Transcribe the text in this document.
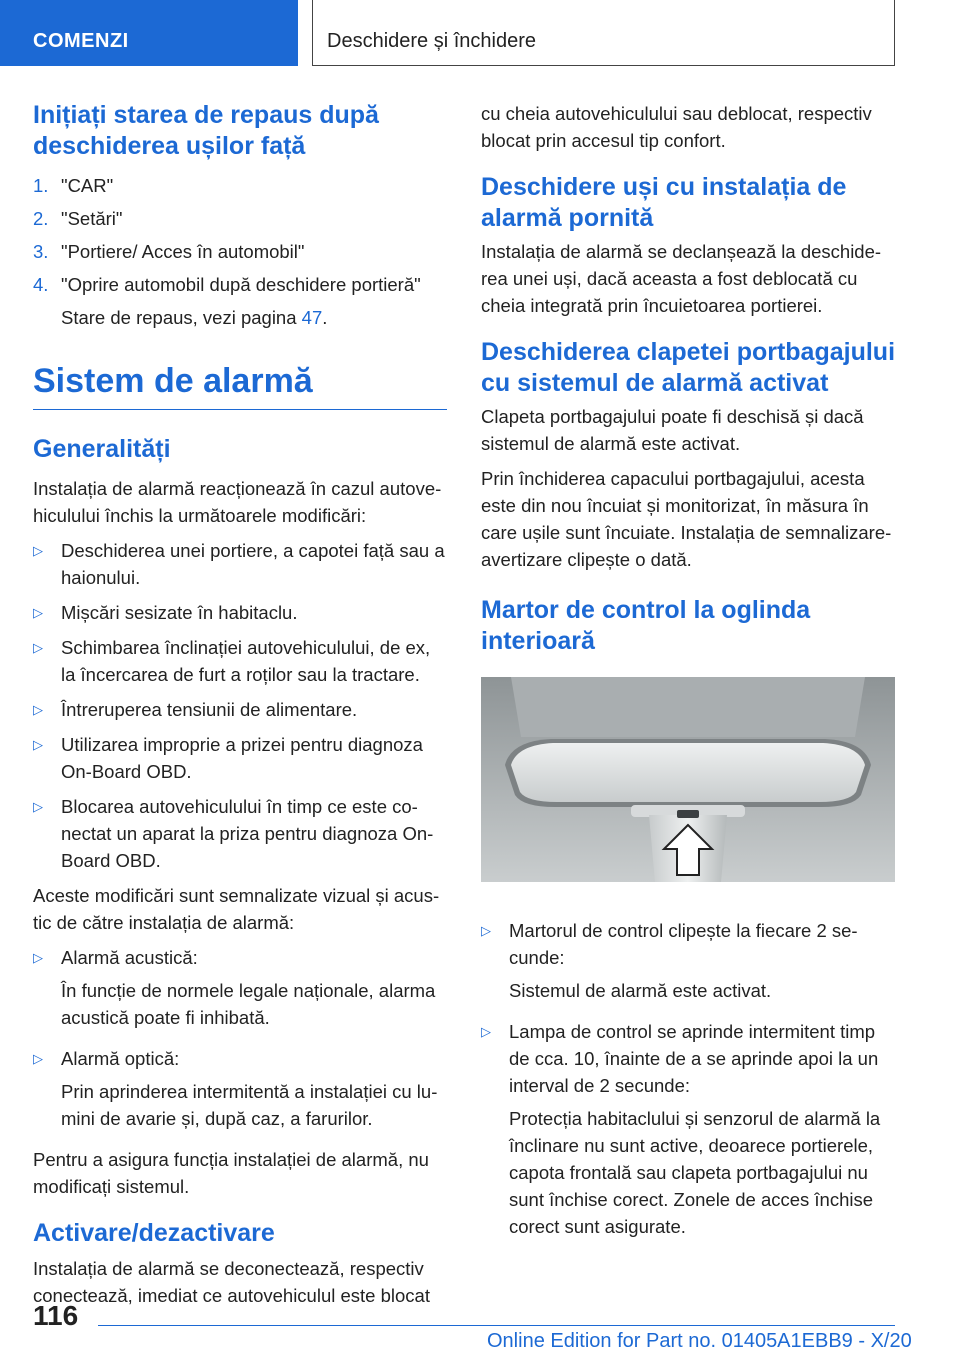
COMENZI	Deschidere și închidere
Inițiați starea de repaus după deschiderea ușilor față
1. "CAR"
2. "Setări"
3. "Portiere/ Acces în automobil"
4. "Oprire automobil după deschidere portieră"
Stare de repaus, vezi pagina 47.
Sistem de alarmă
Generalități

Instalația de alarmă reacționează în cazul autovehiculului închis la următoarele modificări:

▷ Deschiderea unei portiere, a capotei față sau a haionului.
▷ Mișcări sesizate în habitaclu.
▷ Schimbarea înclinației autovehiculului, de ex, la încercarea de furt a roților sau la tractare.
▷ Întreruperea tensiunii de alimentare.
▷ Utilizarea improprie a prizei pentru diagnoza On-Board OBD.
▷ Blocarea autovehiculului în timp ce este conectat un aparat la priza pentru diagnoza On-Board OBD.

Aceste modificări sunt semnalizate vizual și acustic de către instalația de alarmă:

▷ Alarmă acustică:

În funcție de normele legale naționale, alarma acustică poate fi inhibată.

▷ Alarmă optică:

Prin aprinderea intermitentă a instalației cu lumini de avarie și, după caz, a farurilor.

Pentru a asigura funcția instalației de alarmă, nu modificați sistemul.

Activare/dezactivare

Instalația de alarmă se deconectează, respectiv conectează, imediat ce autovehiculul este blocat

cu cheia autovehiculului sau deblocat, respectiv blocat prin accesul tip confort.

Deschidere uși cu instalația de alarmă pornită

Instalația de alarmă se declanșează la deschiderea unei uși, dacă aceasta a fost deblocată cu cheia integrată prin încuietoarea portierei.

Deschiderea clapetei portbagajului cu sistemul de alarmă activat

Clapeta portbagajului poate fi deschisă și dacă sistemul de alarmă este activat.

Prin închiderea capacului portbagajului, acesta este din nou încuiat și monitorizat, în măsura în care ușile sunt încuiate. Instalația de semnalizare-avertizare clipește o dată.

Martor de control la oglinda interioară
▷ Martorul de control clipește la fiecare 2 secunde:

Sistemul de alarmă este activat.

▷ Lampa de control se aprinde intermitent timp de cca. 10, înainte de a se aprinde apoi la un interval de 2 secunde:

Protecția habitaclului și senzorul de alarmă la înclinare nu sunt active, deoarece portierele, capota frontală sau clapeta portbagajului nu sunt închise corect. Zonele de acces închise corect sunt asigurate.

116
Online Edition for Part no. 01405A1EBB9 - X/20
